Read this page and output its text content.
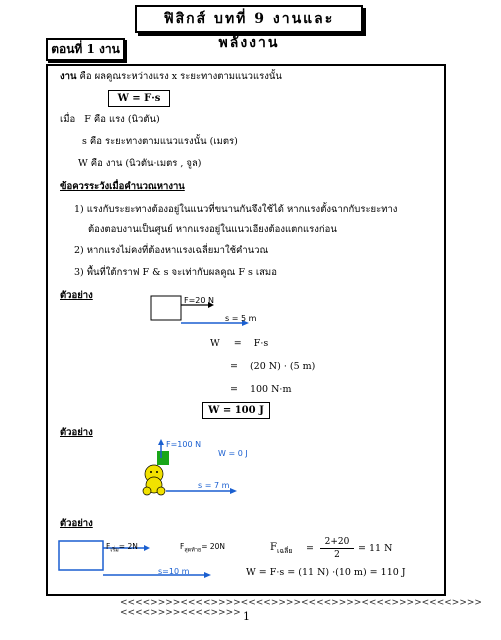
ฟิสิกส์ บทที่ 9 งานและพลังงาน
ตอนที่ 1 งาน
งาน คือ ผลคูณระหว่างแรง x ระยะทางตามแนวแรงนั้น
W = F·s
เมื่อ F คือ แรง (นิวตัน)
s คือ ระยะทางตามแนวแรงนั้น (เมตร)
W คือ งาน (นิวตัน·เมตร , จูล)
ข้อควรระวังเมื่อคำนวณหางาน
1) แรงกับระยะทางต้องอยู่ในแนวที่ขนานกันจึงใช้ได้ หากแรงตั้งฉากกับระยะทาง
ต้องตอบงานเป็นศูนย์ หากแรงอยู่ในแนวเอียงต้องแตกแรงก่อน
2) หากแรงไม่คงที่ต้องหาแรงเฉลี่ยมาใช้คำนวณ
3) พื้นที่ใต้กราฟ F & s จะเท่ากับผลคูณ F s เสมอ
ตัวอย่าง	F=20 N
s = 5 m
W = F·s
= (20 N) · (5 m)
= 100 N·m
W = 100 J
ตัวอย่าง
F=100 N
W = 0 J
s = 7 m
ตัวอย่าง
$F_{เริ่ม}= 2N$	$F_{สุดท้าย}= 20N$
s=10 m
$F_{เฉลี่ย}$ =
2+20
2
= 11 N
W = F·s = (11 N) ·(10 m) = 110 J
<<<<>>>><<<<>>>><<<<>>>><<<<>>>><<<<>>>><<<<>>>><<<<>>>><<<<>>>> 1
